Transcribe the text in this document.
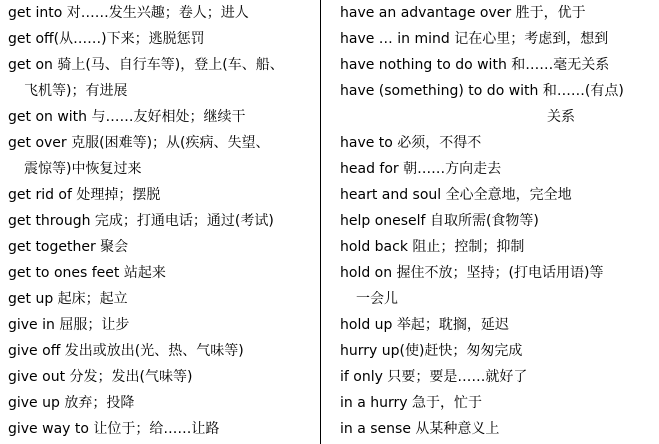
get into 对……发生兴趣；卷人；进人
get off(从……)下来；逃脱惩罚
get on 骑上(马、自行车等)，登上(车、船、
飞机等)；有进展
get on with 与……友好相处；继续干
get over 克服(困难等)；从(疾病、失望、
震惊等)中恢复过来
get rid of 处理掉；摆脱
get through 完成；打通电话；通过(考试)
get together 聚会
get to ones feet 站起来
get up 起床；起立
give in 屈服；让步
give off 发出或放出(光、热、气味等)
give out 分发；发出(气味等)
give up 放弃；投降
give way to 让位于；给……让路
have an advantage over 胜于，优于
have … in mind 记在心里；考虑到，想到
have nothing to do with 和……毫无关系
have (something) to do with 和……(有点)
关系
have to 必须，不得不
head for 朝……方向走去
heart and soul 全心全意地，完全地
help oneself 自取所需(食物等)
hold back 阻止；控制；抑制
hold on 握住不放；坚持；(打电话用语)等
一会儿
hold up 举起；耽搁，延迟
hurry up(使)赶快；匆匆完成
if only 只要；要是……就好了
in a hurry 急于，忙于
in a sense 从某种意义上
